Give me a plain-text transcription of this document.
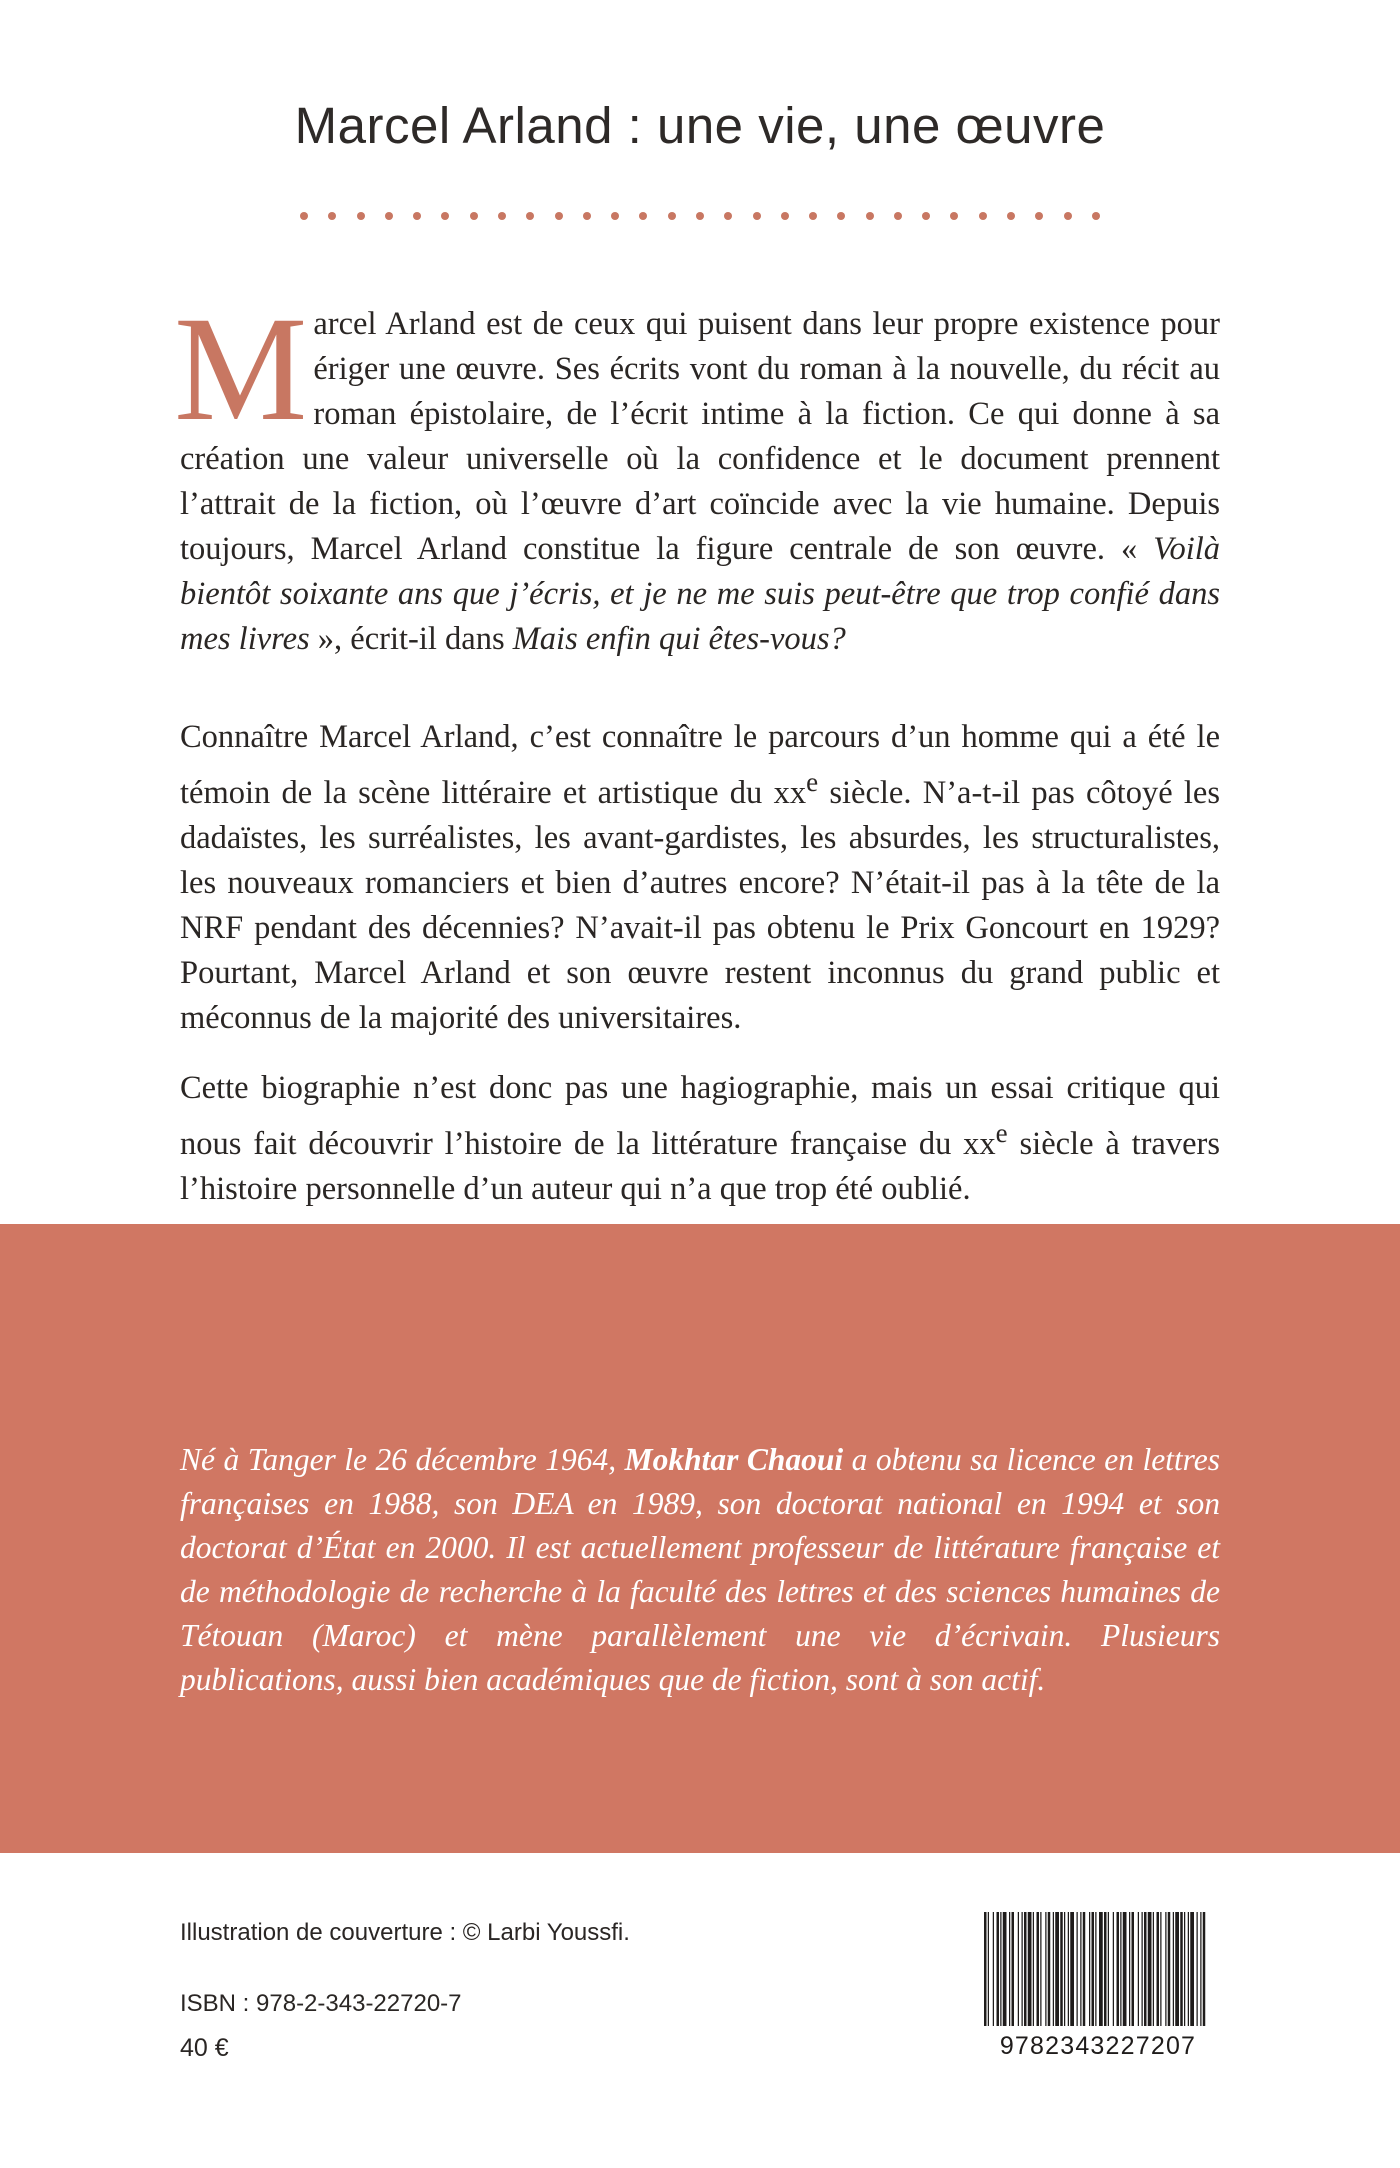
Marcel Arland : une vie, une œuvre

Marcel Arland est de ceux qui puisent dans leur propre existence pour ériger une œuvre. Ses écrits vont du roman à la nouvelle, du récit au roman épistolaire, de l’écrit intime à la fiction. Ce qui donne à sa création une valeur universelle où la confidence et le document prennent l’attrait de la fiction, où l’œuvre d’art coïncide avec la vie humaine. Depuis toujours, Marcel Arland constitue la figure centrale de son œuvre. « Voilà bientôt soixante ans que j’écris, et je ne me suis peut-être que trop confié dans mes livres », écrit-il dans Mais enfin qui êtes-vous?

Connaître Marcel Arland, c’est connaître le parcours d’un homme qui a été le témoin de la scène littéraire et artistique du $xx^e$ siècle. N’a-t-il pas côtoyé les dadaïstes, les surréalistes, les avant-gardistes, les absurdes, les structuralistes, les nouveaux romanciers et bien d’autres encore? N’était-il pas à la tête de la NRF pendant des décennies? N’avait-il pas obtenu le Prix Goncourt en 1929? Pourtant, Marcel Arland et son œuvre restent inconnus du grand public et méconnus de la majorité des universitaires.

Cette biographie n’est donc pas une hagiographie, mais un essai critique qui nous fait découvrir l’histoire de la littérature française du $xx^e$ siècle à travers l’histoire personnelle d’un auteur qui n’a que trop été oublié.

Né à Tanger le 26 décembre 1964, Mokhtar Chaoui a obtenu sa licence en lettres françaises en 1988, son DEA en 1989, son doctorat national en 1994 et son doctorat d’État en 2000. Il est actuellement professeur de littérature française et de méthodologie de recherche à la faculté des lettres et des sciences humaines de Tétouan (Maroc) et mène parallèlement une vie d’écrivain. Plusieurs publications, aussi bien académiques que de fiction, sont à son actif.

Illustration de couverture : © Larbi Youssfi.

ISBN : 978-2-343-22720-7

40 €	9782343227207
